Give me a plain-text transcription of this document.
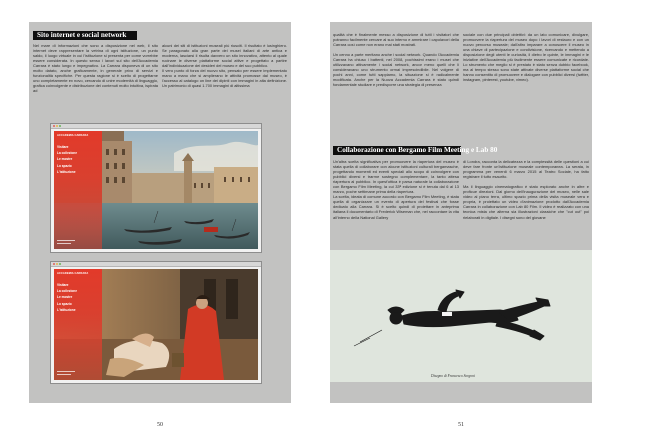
Sito internet e social network
Nel mare di informazioni che sono a disposizione nel web, il sito internet deve rappresentare la vetrina di ogni istituzione, un punto saldo, il luogo virtuale in cui l'istituzione si presenta per come vorrebbe essere considerata. In questo senso i lavori sul sito dell'Accademia Carrara è stato lungo e impegnativo. La Carrara disponeva di un sito molto datato, anche graficamente, in generale privo di servizi e funzionalità specifiche. Per questa ragione si è scelto di progettarne uno completamente ex novo, cercando di unire modernità di linguaggio, grafica coinvolgente e distribuzione dei contenuti molto intuitiva, ispirata ad
alcuni dei siti di istituzioni museali più riusciti. Il risultato è lusinghiero. Se paragonato alla gran parte dei musei italiani di arte antica e moderna, lasciarsi il risulta davvero un sito innovativo, attento al quale rucinare le diverse piattaforme social attive e progettato a partire dall'individuazione dei desideri del museo e del suo pubblico.
Il vero punto di forza del nuovo sito, pensato per essere implementato mano a mano che si amplierano le attività promosse dal museo, è l'accesso al catalogo on line dei dipinti con immagini in alta definizione. Un patrimonio di quasi 1.700 immagini di altissima
ACCADEMIA CARRARA
Visitare
La collezione
Le mostre
Lo spazio
L'istituzione
ACCADEMIA CARRARA
Visitare
La collezione
Le mostre
Lo spazio
L'istituzione
50
qualità che è finalmente messo a disposizione di tutti i visitatori che potranno facilmente cercare al suo interno e ammirare i capolavori della Carrara così come non erano mai stati mostrati.

Un cenno a parte meritano anche i social network. Quando l'Accademia Carrara ha chiuso i battenti, nel 2008, pochissimi erano i musei che utilizzavano attivamente i social network, ancor meno quelli che li consideravano uno strumento ormai imprescindibile. Nel volgere di pochi anni, come tutti sappiamo, la situazione si è radicalmente modificata. Anche per la Nuova Accademia Carrara è stato quindi fondamentale studiare e predisporre una strategia di presenza
sociale con due principali obiettivi: da un lato comunicare, divulgare, promuovere la riapertura del museo dopo i lavori di restauro e con un nuovo percorso museale; dall'altro imparare a conoscere il museo in una chiave di partecipazione e condivisione, ricercando e mettendo a disposizione degli utenti le curiosità, il dietro le quinte, le immagini e le iniziative dell'Accademia più facilmente essere comunicate e ricordate. Lo strumento che meglio si è prestato è stato senza dubbio facebook, ma al tempo stesso sono state attivate diverse piattaforme social che hanno consentito di promuovere e dialogare con pubblici diversi (twitter, instagram, pinterest, youtube, vimeo).
Collaborazione con Bergamo Film Meeting e Lab 80
Un'altra scelta significativa per promuovere la riapertura del museo è stata quella di collaborare con alcune istituzioni culturali bergamasche, progettando momenti ed eventi speciali allo scopo di coinvolgere con pubblici diversi e trarrne sostegno complementare, la tanto attesa riapertura al pubblico. In quest'ottica è parsa naturale la collaborazione con Bergamo Film Meeting, la cui 33ª edizione si è tenuta dal 6 al 13 marzo, poche settimane prima della riapertura.
La scelta, ideata di comune accordo con Bergamo Film Meeting, è stata quella di organizzare un evento di apertura del festival che fosse dedicato alla Carrara. Si è scelto quindi di proiettare in anteprima italiana il documentario di Frederick Wiseman che, nel raccontare la vita all'interno della National Gallery
di Londra, racconta la delicatezza e la complessità delle questioni a cui deve fare fronte un'istituzione museale contemporanea. La serata, in programma per venerdì 6 marzo 2015 al Teatro Sociale, ha fatto registrare il tutto esaurito.

Ma il linguaggio cinematografico è stato esplorato anche in altre e proficue direzioni. Dal giorno dell'inaugurazione del museo, nelle sale video al piano terra, ultimo spazio prima della visita museale vera e propria, è proiettato un video d'animazione prodotto dall'Accademia Carrara in collaborazione con Lab 80 Film. Il video è realizzato con una tecnica mista che alterna sia illustrazioni classiche che "cut out" poi rielaborati in digitale. I disegni sono del giovane
Disegno di Francesco Sorgoni
51
